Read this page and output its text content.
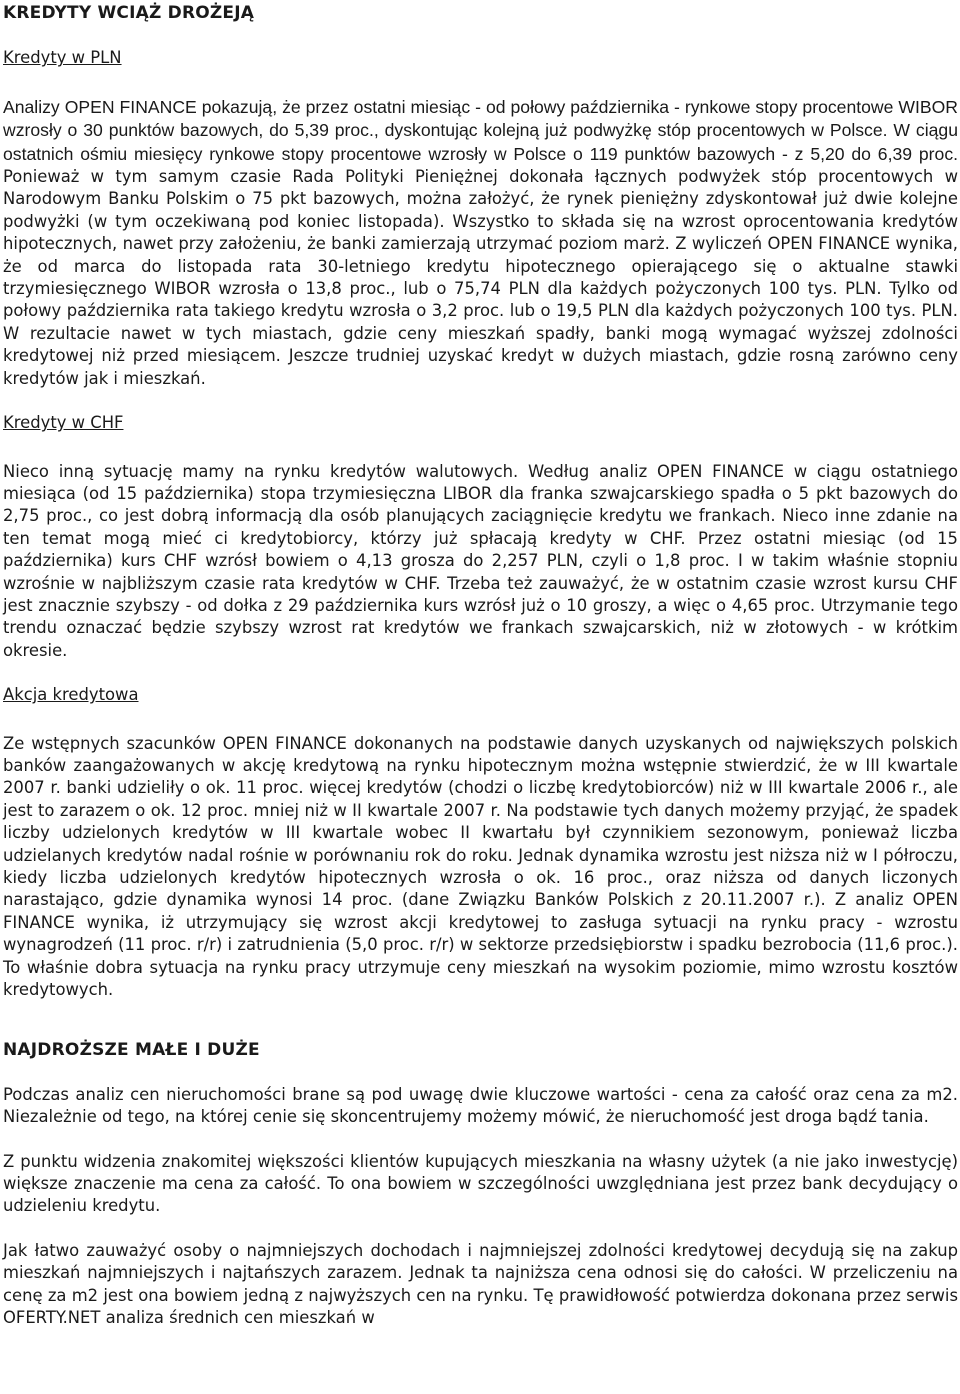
KREDYTY WCIĄŻ DROŻEJĄ
Kredyty w PLN

Analizy OPEN FINANCE pokazują, że przez ostatni miesiąc - od połowy października - rynkowe stopy procentowe WIBOR wzrosły o 30 punktów bazowych, do 5,39 proc., dyskontując kolejną już podwyżkę stóp procentowych w Polsce. W ciągu ostatnich ośmiu miesięcy rynkowe stopy procentowe wzrosły w Polsce o 119 punktów bazowych - z 5,20 do 6,39 proc. Ponieważ w tym samym czasie Rada Polityki Pieniężnej dokonała łącznych podwyżek stóp procentowych w Narodowym Banku Polskim o 75 pkt bazowych, można założyć, że rynek pieniężny zdyskontował już dwie kolejne podwyżki (w tym oczekiwaną pod koniec listopada). Wszystko to składa się na wzrost oprocentowania kredytów hipotecznych, nawet przy założeniu, że banki zamierzają utrzymać poziom marż. Z wyliczeń OPEN FINANCE wynika, że od marca do listopada rata 30-letniego kredytu hipotecznego opierającego się o aktualne stawki trzymiesięcznego WIBOR wzrosła o 13,8 proc., lub o 75,74 PLN dla każdych pożyczonych 100 tys. PLN. Tylko od połowy października rata takiego kredytu wzrosła o 3,2 proc. lub o 19,5 PLN dla każdych pożyczonych 100 tys. PLN. W rezultacie nawet w tych miastach, gdzie ceny mieszkań spadły, banki mogą wymagać wyższej zdolności kredytowej niż przed miesiącem. Jeszcze trudniej uzyskać kredyt w dużych miastach, gdzie rosną zarówno ceny kredytów jak i mieszkań.

Kredyty w CHF

Nieco inną sytuację mamy na rynku kredytów walutowych. Według analiz OPEN FINANCE w ciągu ostatniego miesiąca (od 15 października) stopa trzymiesięczna LIBOR dla franka szwajcarskiego spadła o 5 pkt bazowych do 2,75 proc., co jest dobrą informacją dla osób planujących zaciągnięcie kredytu we frankach. Nieco inne zdanie na ten temat mogą mieć ci kredytobiorcy, którzy już spłacają kredyty w CHF. Przez ostatni miesiąc (od 15 października) kurs CHF wzrósł bowiem o 4,13 grosza do 2,257 PLN, czyli o 1,8 proc. I w takim właśnie stopniu wzrośnie w najbliższym czasie rata kredytów w CHF. Trzeba też zauważyć, że w ostatnim czasie wzrost kursu CHF jest znacznie szybszy - od dołka z 29 października kurs wzrósł już o 10 groszy, a więc o 4,65 proc. Utrzymanie tego trendu oznaczać będzie szybszy wzrost rat kredytów we frankach szwajcarskich, niż w złotowych - w krótkim okresie.

Akcja kredytowa

Ze wstępnych szacunków OPEN FINANCE dokonanych na podstawie danych uzyskanych od największych polskich banków zaangażowanych w akcję kredytową na rynku hipotecznym można wstępnie stwierdzić, że w III kwartale 2007 r. banki udzieliły o ok. 11 proc. więcej kredytów (chodzi o liczbę kredytobiorców) niż w III kwartale 2006 r., ale jest to zarazem o ok. 12 proc. mniej niż w II kwartale 2007 r. Na podstawie tych danych możemy przyjąć, że spadek liczby udzielonych kredytów w III kwartale wobec II kwartału był czynnikiem sezonowym, ponieważ liczba udzielanych kredytów nadal rośnie w porównaniu rok do roku. Jednak dynamika wzrostu jest niższa niż w I półroczu, kiedy liczba udzielonych kredytów hipotecznych wzrosła o ok. 16 proc., oraz niższa od danych liczonych narastająco, gdzie dynamika wynosi 14 proc. (dane Związku Banków Polskich z 20.11.2007 r.). Z analiz OPEN FINANCE wynika, iż utrzymujący się wzrost akcji kredytowej to zasługa sytuacji na rynku pracy - wzrostu wynagrodzeń (11 proc. r/r) i zatrudnienia (5,0 proc. r/r) w sektorze przedsiębiorstw i spadku bezrobocia (11,6 proc.). To właśnie dobra sytuacja na rynku pracy utrzymuje ceny mieszkań na wysokim poziomie, mimo wzrostu kosztów kredytowych.

NAJDROŻSZE MAŁE I DUŻE

Podczas analiz cen nieruchomości brane są pod uwagę dwie kluczowe wartości - cena za całość oraz cena za m2. Niezależnie od tego, na której cenie się skoncentrujemy możemy mówić, że nieruchomość jest droga bądź tania.

Z punktu widzenia znakomitej większości klientów kupujących mieszkania na własny użytek (a nie jako inwestycję) większe znaczenie ma cena za całość. To ona bowiem w szczególności uwzględniana jest przez bank decydujący o udzieleniu kredytu.

Jak łatwo zauważyć osoby o najmniejszych dochodach i najmniejszej zdolności kredytowej decydują się na zakup mieszkań najmniejszych i najtańszych zarazem. Jednak ta najniższa cena odnosi się do całości. W przeliczeniu na cenę za m2 jest ona bowiem jedną z najwyższych cen na rynku. Tę prawidłowość potwierdza dokonana przez serwis OFERTY.NET analiza średnich cen mieszkań w
